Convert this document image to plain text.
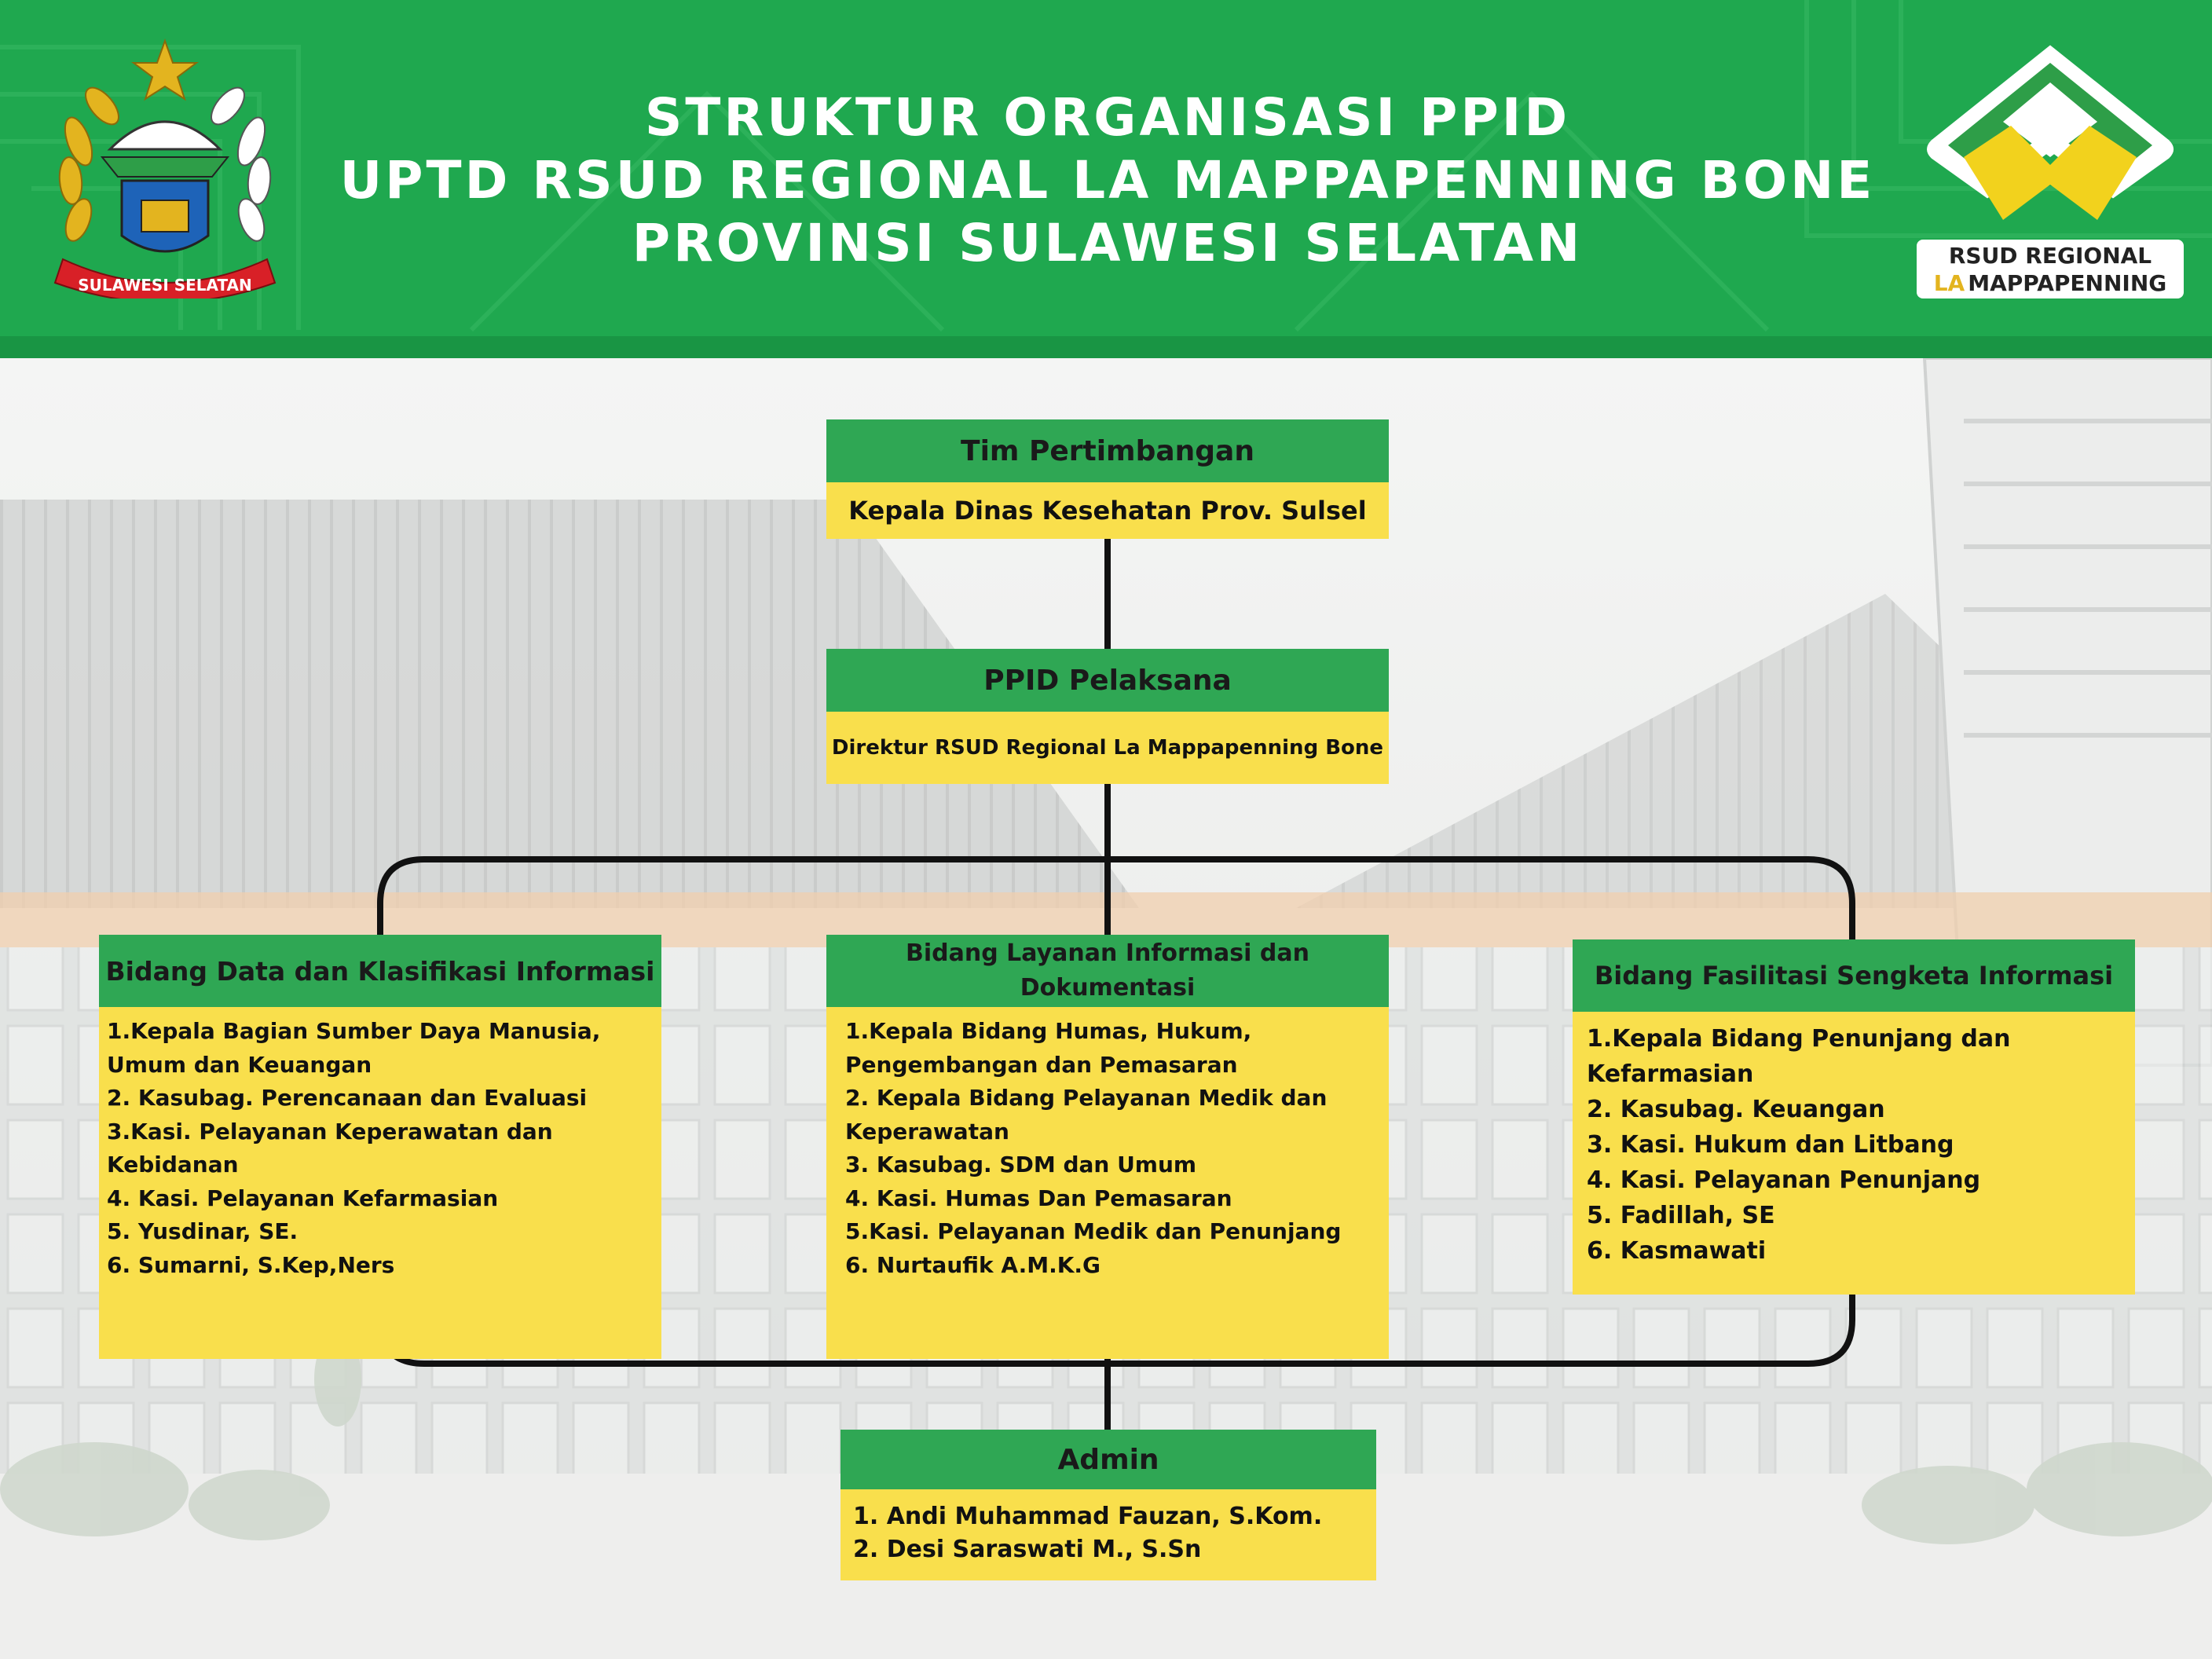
SULAWESI SELATAN
STRUKTUR ORGANISASI PPID
UPTD RSUD REGIONAL LA MAPPAPENNING BONE
PROVINSI SULAWESI SELATAN	RSUD REGIONAL
LA MAPPAPENNING
Tim Pertimbangan
Kepala Dinas Kesehatan Prov. Sulsel
PPID Pelaksana
Direktur RSUD Regional La Mappapenning Bone
Bidang Data dan Klasifikasi Informasi
1.Kepala Bagian Sumber Daya Manusia, Umum dan Keuangan
2. Kasubag. Perencanaan dan Evaluasi
3.Kasi. Pelayanan Keperawatan dan Kebidanan
4. Kasi. Pelayanan Kefarmasian
5. Yusdinar, SE.
6. Sumarni, S.Kep,Ners
Bidang Layanan Informasi dan Dokumentasi
1.Kepala Bidang Humas, Hukum, Pengembangan dan Pemasaran
2. Kepala Bidang Pelayanan Medik dan Keperawatan
3. Kasubag. SDM dan Umum
4. Kasi. Humas Dan Pemasaran
5.Kasi. Pelayanan Medik dan Penunjang
6. Nurtaufik A.M.K.G
Bidang Fasilitasi Sengketa Informasi
1.Kepala Bidang Penunjang dan Kefarmasian
2. Kasubag. Keuangan
3. Kasi. Hukum dan Litbang
4. Kasi. Pelayanan Penunjang
5. Fadillah, SE
6. Kasmawati
Admin
1. Andi Muhammad Fauzan, S.Kom.
2. Desi Saraswati M., S.Sn
